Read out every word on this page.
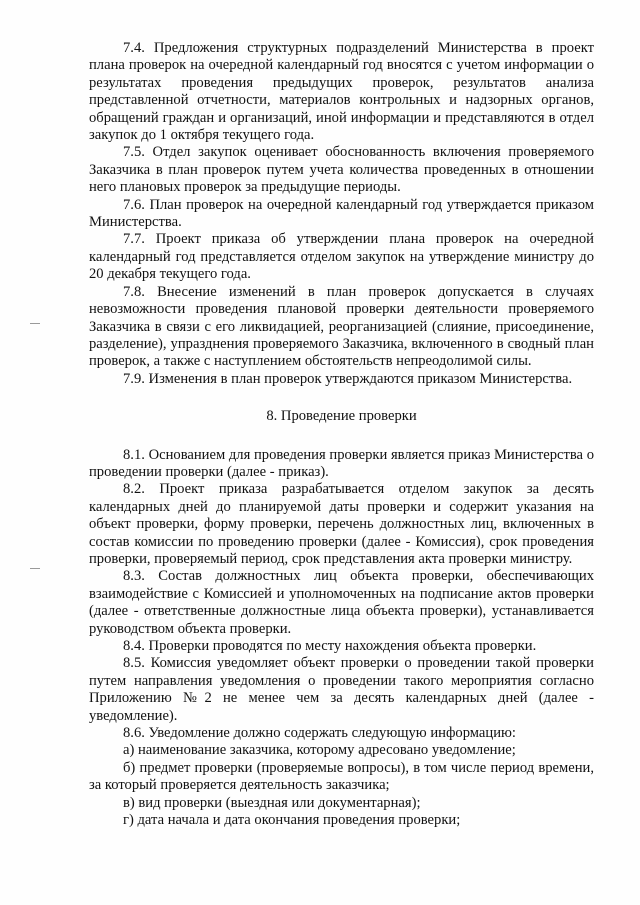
7.4. Предложения структурных подразделений Министерства в проект плана проверок на очередной календарный год вносятся с учетом информации о результатах проведения предыдущих проверок, результатов анализа представленной отчетности, материалов контрольных и надзорных органов, обращений граждан и организаций, иной информации и представляются в отдел закупок до 1 октября текущего года.

7.5. Отдел закупок оценивает обоснованность включения проверяемого Заказчика в план проверок путем учета количества проведенных в отношении него плановых проверок за предыдущие периоды.

7.6. План проверок на очередной календарный год утверждается приказом Министерства.

7.7. Проект приказа об утверждении плана проверок на очередной календарный год представляется отделом закупок на утверждение министру до 20 декабря текущего года.

7.8. Внесение изменений в план проверок допускается в случаях невозможности проведения плановой проверки деятельности проверяемого Заказчика в связи с его ликвидацией, реорганизацией (слияние, присоединение, разделение), упразднения проверяемого Заказчика, включенного в сводный план проверок, а также с наступлением обстоятельств непреодолимой силы.

7.9. Изменения в план проверок утверждаются приказом Министерства.

8. Проведение проверки

8.1. Основанием для проведения проверки является приказ Министерства о проведении проверки (далее - приказ).

8.2. Проект приказа разрабатывается отделом закупок за десять календарных дней до планируемой даты проверки и содержит указания на объект проверки, форму проверки, перечень должностных лиц, включенных в состав комиссии по проведению проверки (далее - Комиссия), срок проведения проверки, проверяемый период, срок представления акта проверки министру.

8.3. Состав должностных лиц объекта проверки, обеспечивающих взаимодействие с Комиссией и уполномоченных на подписание актов проверки (далее - ответственные должностные лица объекта проверки), устанавливается руководством объекта проверки.

8.4. Проверки проводятся по месту нахождения объекта проверки.

8.5. Комиссия уведомляет объект проверки о проведении такой проверки путем направления уведомления о проведении такого мероприятия согласно Приложению №2 не менее чем за десять календарных дней (далее - уведомление).

8.6. Уведомление должно содержать следующую информацию:

а) наименование заказчика, которому адресовано уведомление;

б) предмет проверки (проверяемые вопросы), в том числе период времени, за который проверяется деятельность заказчика;

в) вид проверки (выездная или документарная);

г) дата начала и дата окончания проведения проверки;
